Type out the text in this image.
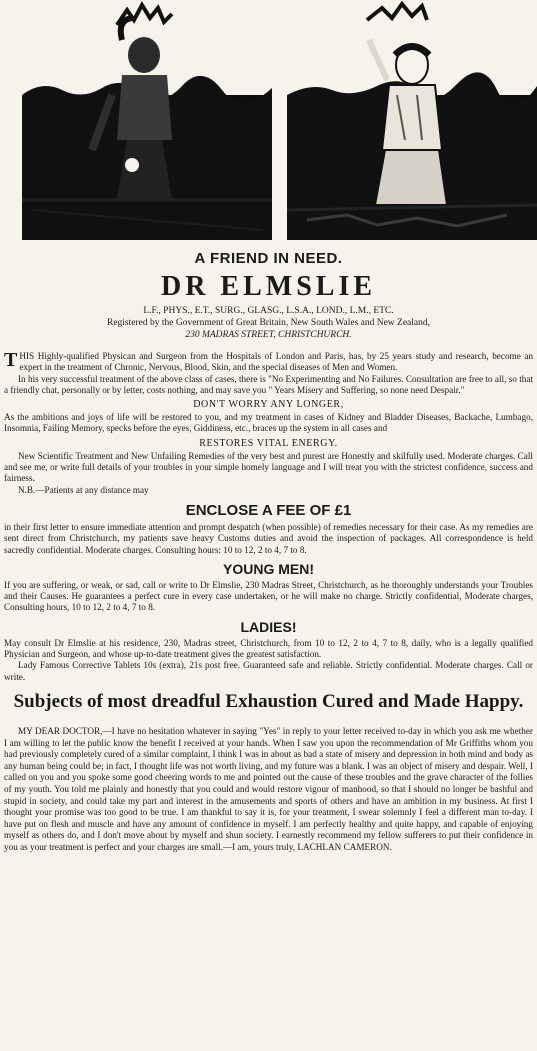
A FRIEND IN NEED.
DR ELMSLIE
L.F., PHYS., E.T., SURG., GLASG., L.S.A., LOND., L.M., ETC.
Registered by the Government of Great Britain, New South Wales and New Zealand,
230 MADRAS STREET, CHRISTCHURCH.

THIS Highly-qualified Physican and Surgeon from the Hospitals of London and Paris, has, by 25 years study and research, become an expert in the treatment of Chronic, Nervous, Blood, Skin, and the special diseases of Men and Women.

In his very successful treatment of the above class of cases, there is "No Experimenting and No Failures. Consultation are free to all, so that a friendly chat, personally or by letter, costs nothing, and may save you " Years Misery and Suffering, so none need Despair."

DON'T WORRY ANY LONGER,

As the ambitions and joys of life will be restored to you, and my treatment in cases of Kidney and Bladder Diseases, Backache, Lumbago, Insomnia, Failing Memory, specks before the eyes, Giddiness, etc., braces up the system in all cases and

RESTORES VITAL ENERGY.

New Scientific Treatment and New Unfailing Remedies of the very best and purest are Honestly and skilfully used. Moderate charges. Call and see me, or write full details of your troubles in your simple homely language and I will treat you with the strictest confidence, success and fairness.

N.B.—Patients at any distance may

ENCLOSE A FEE OF £1

in their first letter to ensure immediate attention and prompt despatch (when possible) of remedies necessary for their case. As my remedies are sent direct from Christchurch, my patients save heavy Customs duties and avoid the inspection of packages. All correspondence is held sacredly confidential. Moderate charges. Consulting hours: 10 to 12, 2 to 4, 7 to 8.

YOUNG MEN!

If you are suffering, or weak, or sad, call or write to Dr Elmslie, 230 Madras Street, Christchurch, as he thoroughly understands your Troubles and their Causes. He guarantees a perfect cure in every case undertaken, or he will make no charge. Strictly confidential, Moderate charges, Consulting hours, 10 to 12, 2 to 4, 7 to 8.

LADIES!

May consult Dr Elmslie at his residence, 230, Madras street, Christchurch, from 10 to 12, 2 to 4, 7 to 8, daily, who is a legally qualified Physician and Surgeon, and whose up-to-date treatment gives the greatest satisfaction.

Lady Famous Corrective Tablets 10s (extra), 21s post free. Guaranteed safe and reliable. Strictly confidential. Moderate charges. Call or write.

Subjects of most dreadful Exhaustion Cured and Made Happy.

MY DEAR DOCTOR,—I have no hesitation whatever in saying "Yes" in reply to your letter received to-day in which you ask me whether I am willing to let the public know the benefit I received at your hands. When I saw you upon the recommendation of Mr Griffiths whom you had previously completely cured of a similar complaint, I think I was in about as bad a state of misery and depression in both mind and body as any human being could be; in fact, I thought life was not worth living, and my future was a blank. I was an object of misery and despair. Well, I called on you and you spoke some good cheering words to me and pointed out the cause of these troubles and the grave character of the follies of my youth. You told me plainly and honestly that you could and would restore vigour of manhood, so that I should no longer be bashful and stupid in society, and could take my part and interest in the amusements and sports of others and have an ambition in my business. At first I thought your promise was too good to be true. I am thankful to say it is, for your treatment, I swear solemnly I feel a different man to-day. I have put on flesh and muscle and have any amount of confidence in myself. I am perfectly healthy and quite happy, and capable of enjoying myself as others do, and I don't move about by myself and shun society. I earnestly recommend my fellow sufferers to put their confidence in you as your treatment is perfect and your charges are small.—I am, yours truly, LACHLAN CAMERON.
